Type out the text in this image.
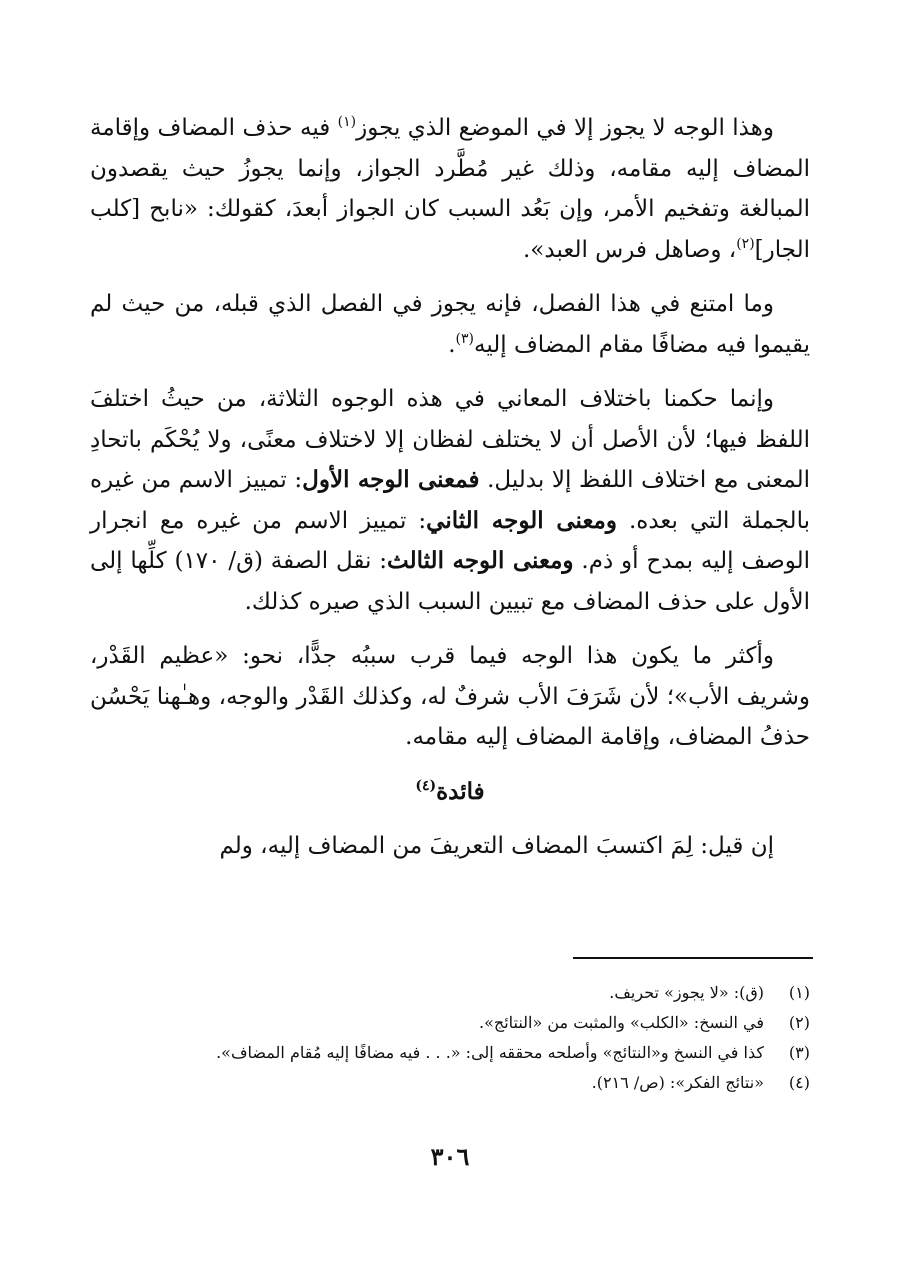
وهذا الوجه لا يجوز إلا في الموضع الذي يجوز$^{(١)}$ فيه حذف المضاف وإقامة المضاف إليه مقامه، وذلك غير مُطَّرد الجواز، وإنما يجوزُ حيث يقصدون المبالغة وتفخيم الأمر، وإن بَعُد السبب كان الجواز أبعدَ، كقولك: «نابح [كلب الجار]$^{(٢)}$، وصاهل فرس العبد».

وما امتنع في هذا الفصل، فإنه يجوز في الفصل الذي قبله، من حيث لم يقيموا فيه مضافًا مقام المضاف إليه$^{(٣)}$.

وإنما حكمنا باختلاف المعاني في هذه الوجوه الثلاثة، من حيثُ اختلفَ اللفظ فيها؛ لأن الأصل أن لا يختلف لفظان إلا لاختلاف معنًى، ولا يُحْكَم باتحادِ المعنى مع اختلاف اللفظ إلا بدليل. فمعنى الوجه الأول: تمييز الاسم من غيره بالجملة التي بعده. ومعنى الوجه الثاني: تمييز الاسم من غيره مع انجرار الوصف إليه بمدح أو ذم. ومعنى الوجه الثالث: نقل الصفة (ق/ ١٧٠) كلِّها إلى الأول على حذف المضاف مع تبيين السبب الذي صيره كذلك.

وأكثر ما يكون هذا الوجه فيما قرب سببُه جدًّا، نحو: «عظيم القَدْر، وشريف الأب»؛ لأن شَرَفَ الأب شرفٌ له، وكذلك القَدْر والوجه، وهـٰهنا يَحْسُن حذفُ المضاف، وإقامة المضاف إليه مقامه.

فائدة$^{(٤)}$

إن قيل: لِمَ اكتسبَ المضاف التعريفَ من المضاف إليه، ولم

(١)
(ق): «لا يجوز» تحريف.
(٢)
في النسخ: «الكلب» والمثبت من «النتائج».
(٣)
كذا في النسخ و«النتائج» وأصلحه محققه إلى: «. . . فيه مضافًا إليه مُقام المضاف».
(٤)
«نتائج الفكر»: (ص/ ٢١٦).
٣٠٦
